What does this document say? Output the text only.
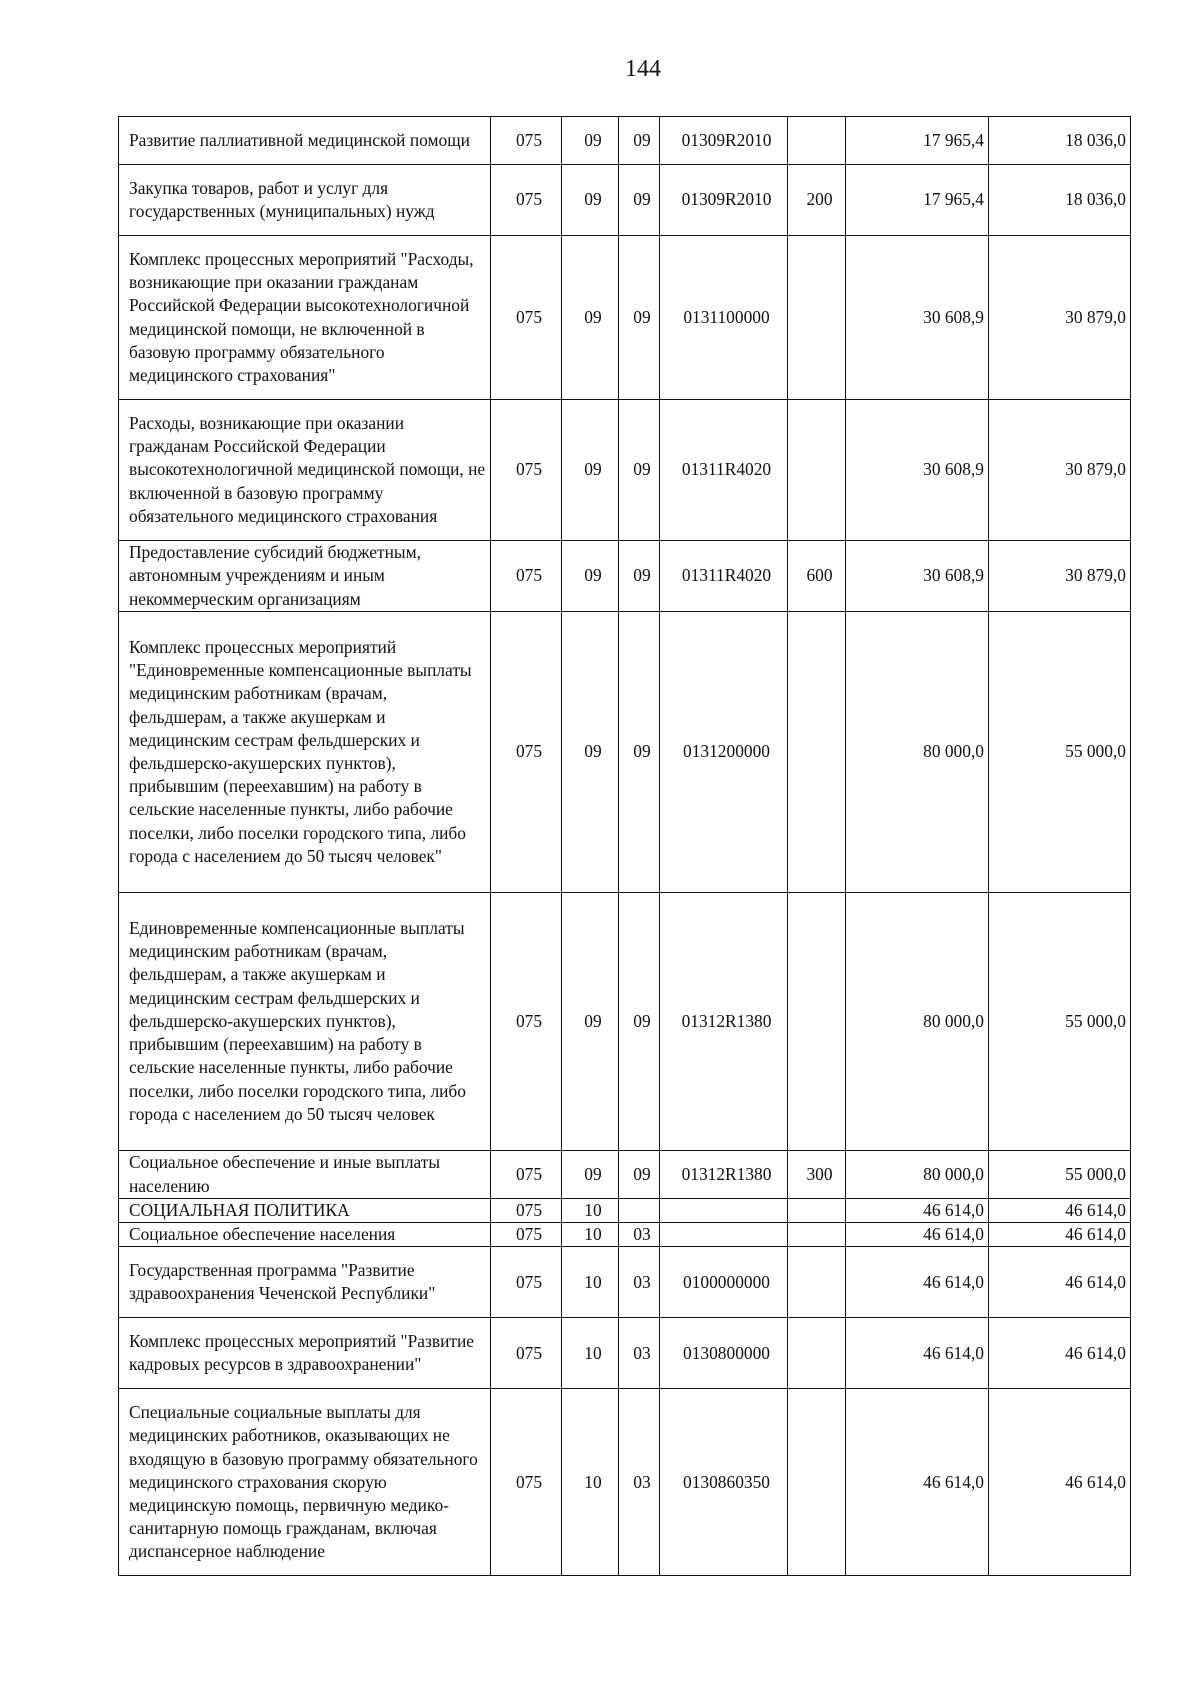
144
Развитие паллиативной медицинской помощи	075	09	09	01309R2010		17 965,4	18 036,0
Закупка товаров, работ и услуг для государственных (муниципальных) нужд	075	09	09	01309R2010	200	17 965,4	18 036,0
Комплекс процессных мероприятий "Расходы, возникающие при оказании гражданам Российской Федерации высокотехнологичной медицинской помощи, не включенной в базовую программу обязательного медицинского страхования"	075	09	09	0131100000		30 608,9	30 879,0
Расходы, возникающие при оказании гражданам Российской Федерации высокотехнологичной медицинской помощи, не включенной в базовую программу обязательного медицинского страхования	075	09	09	01311R4020		30 608,9	30 879,0
Предоставление субсидий бюджетным, автономным учреждениям и иным некоммерческим организациям	075	09	09	01311R4020	600	30 608,9	30 879,0
Комплекс процессных мероприятий "Единовременные компенсационные выплаты медицинским работникам (врачам, фельдшерам, а также акушеркам и медицинским сестрам фельдшерских и фельдшерско-акушерских пунктов), прибывшим (переехавшим) на работу в сельские населенные пункты, либо рабочие поселки, либо поселки городского типа, либо города с населением до 50 тысяч человек"	075	09	09	0131200000		80 000,0	55 000,0
Единовременные компенсационные выплаты медицинским работникам (врачам, фельдшерам, а также акушеркам и медицинским сестрам фельдшерских и фельдшерско-акушерских пунктов), прибывшим (переехавшим) на работу в сельские населенные пункты, либо рабочие поселки, либо поселки городского типа, либо города с населением до 50 тысяч человек	075	09	09	01312R1380		80 000,0	55 000,0
Социальное обеспечение и иные выплаты населению	075	09	09	01312R1380	300	80 000,0	55 000,0
СОЦИАЛЬНАЯ ПОЛИТИКА	075	10				46 614,0	46 614,0
Социальное обеспечение населения	075	10	03			46 614,0	46 614,0
Государственная программа "Развитие здравоохранения Чеченской Республики"	075	10	03	0100000000		46 614,0	46 614,0
Комплекс процессных мероприятий "Развитие кадровых ресурсов в здравоохранении"	075	10	03	0130800000		46 614,0	46 614,0
Специальные социальные выплаты для медицинских работников, оказывающих не входящую в базовую программу обязательного медицинского страхования скорую медицинскую помощь, первичную медико-санитарную помощь гражданам, включая диспансерное наблюдение	075	10	03	0130860350		46 614,0	46 614,0
